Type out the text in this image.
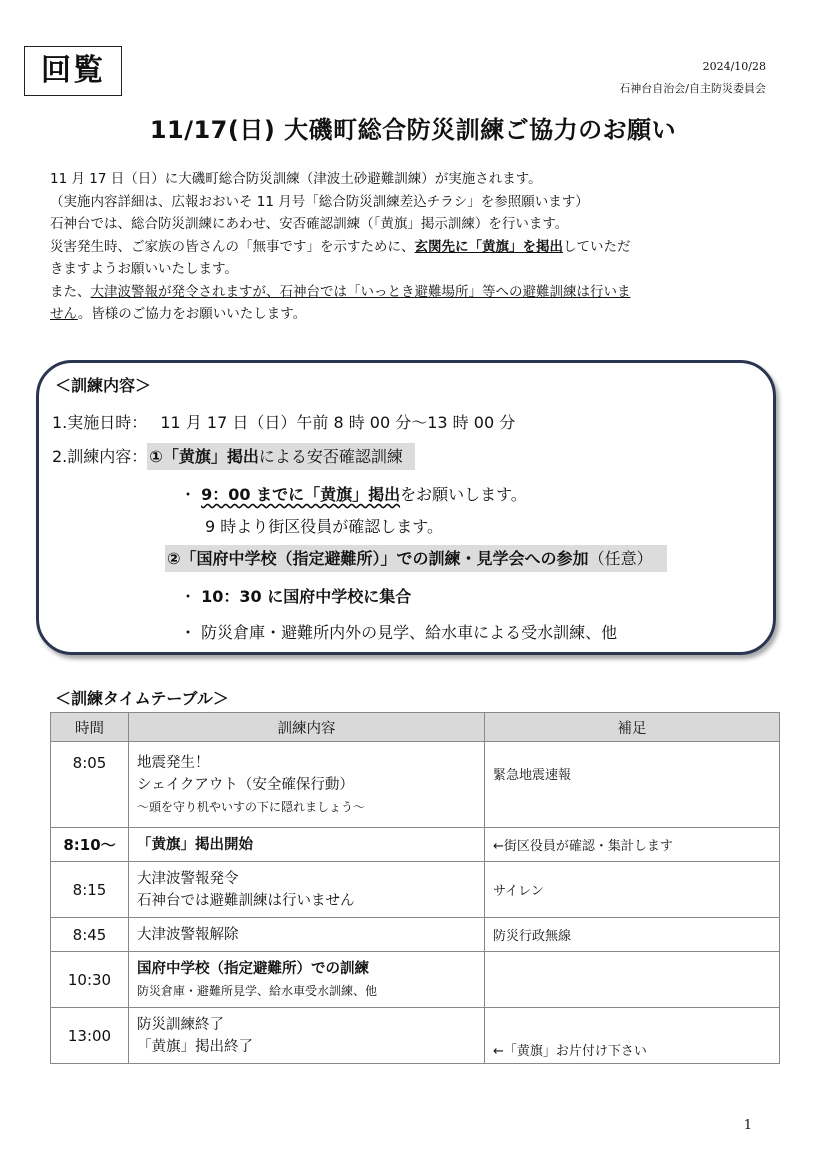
回覧	2024/10/28
石神台自治会/自主防災委員会
11/17(日) 大磯町総合防災訓練ご協力のお願い

11 月 17 日（日）に大磯町総合防災訓練（津波土砂避難訓練）が実施されます。

（実施内容詳細は、広報おおいそ 11 月号「総合防災訓練差込チラシ」を参照願います）

石神台では、総合防災訓練にあわせ、安否確認訓練（「黄旗」掲示訓練）を行います。

災害発生時、ご家族の皆さんの「無事です」を示すために、玄関先に「黄旗」を掲出していただ

きますようお願いいたします。

また、大津波警報が発令されますが、石神台では「いっとき避難場所」等への避難訓練は行いま

せん。皆様のご協力をお願いいたします。

＜訓練内容＞
1.実施日時： 11 月 17 日（日）午前 8 時 00 分～13 時 00 分
2.訓練内容： ①「黄旗」掲出による安否確認訓練
・ 9：00 までに「黄旗」掲出をお願いします。
9 時より街区役員が確認します。
②「国府中学校（指定避難所）」での訓練・見学会への参加（任意）
・ 10：30 に国府中学校に集合
・ 防災倉庫・避難所内外の見学、給水車による受水訓練、他
＜訓練タイムテーブル＞
時間	訓練内容	補足
8:05	地震発生！
シェイクアウト（安全確保行動）
～頭を守り机やいすの下に隠れましょう～	緊急地震速報
8:10～	「黄旗」掲出開始	←街区役員が確認・集計します
8:15	大津波警報発令
石神台では避難訓練は行いません	サイレン
8:45	大津波警報解除	防災行政無線
10:30	国府中学校（指定避難所）での訓練
防災倉庫・避難所見学、給水車受水訓練、他	

13:00	防災訓練終了
「黄旗」掲出終了	←「黄旗」お片付け下さい
1
